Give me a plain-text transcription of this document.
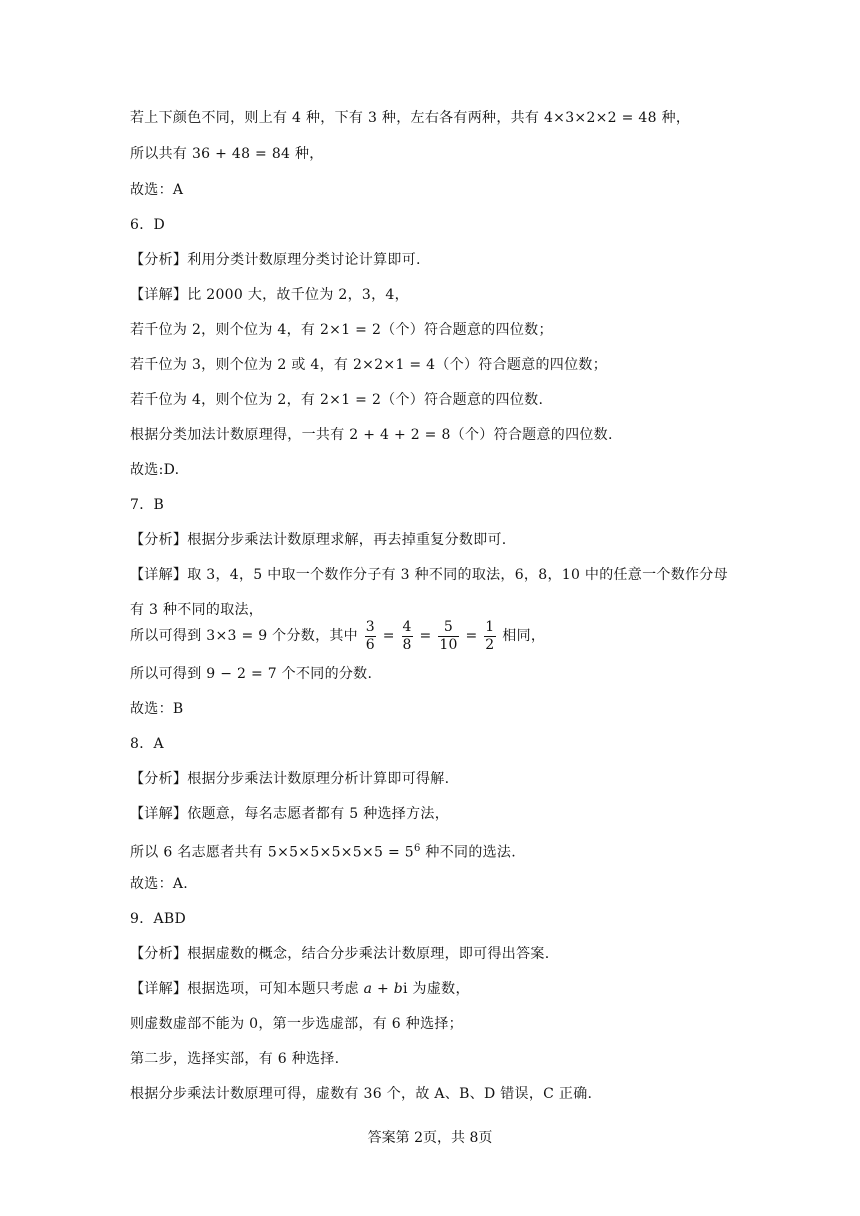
若上下颜色不同，则上有 4 种，下有 3 种，左右各有两种，共有 4×3×2×2 = 48 种，
所以共有 36 + 48 = 84 种，
故选：A
6．D
【分析】利用分类计数原理分类讨论计算即可.
【详解】比 2000 大，故千位为 2，3，4，
若千位为 2，则个位为 4，有 2×1 = 2（个）符合题意的四位数；
若千位为 3，则个位为 2 或 4，有 2×2×1 = 4（个）符合题意的四位数；
若千位为 4，则个位为 2，有 2×1 = 2（个）符合题意的四位数.
根据分类加法计数原理得，一共有 2 + 4 + 2 = 8（个）符合题意的四位数.
故选:D.
7．B
【分析】根据分步乘法计数原理求解，再去掉重复分数即可.
【详解】取 3，4，5 中取一个数作分子有 3 种不同的取法，6，8，10 中的任意一个数作分母
有 3 种不同的取法，
所以可得到 3×3 = 9 个分数，其中 $\frac{3}{6} = \frac{4}{8} = \frac{5}{10} = \frac{1}{2}$ 相同，
所以可得到 9 − 2 = 7 个不同的分数.
故选：B
8．A
【分析】根据分步乘法计数原理分析计算即可得解.
【详解】依题意，每名志愿者都有 5 种选择方法，
所以 6 名志愿者共有 $5\times 5\times 5\times 5\times 5\times 5 = 5^6$ 种不同的选法.
故选：A.
9．ABD
【分析】根据虚数的概念，结合分步乘法计数原理，即可得出答案.
【详解】根据选项，可知本题只考虑 a + bi 为虚数，
则虚数虚部不能为 0，第一步选虚部，有 6 种选择；
第二步，选择实部，有 6 种选择.
根据分步乘法计数原理可得，虚数有 36 个，故 A、B、D 错误，C 正确.
答案第 2页，共 8页
